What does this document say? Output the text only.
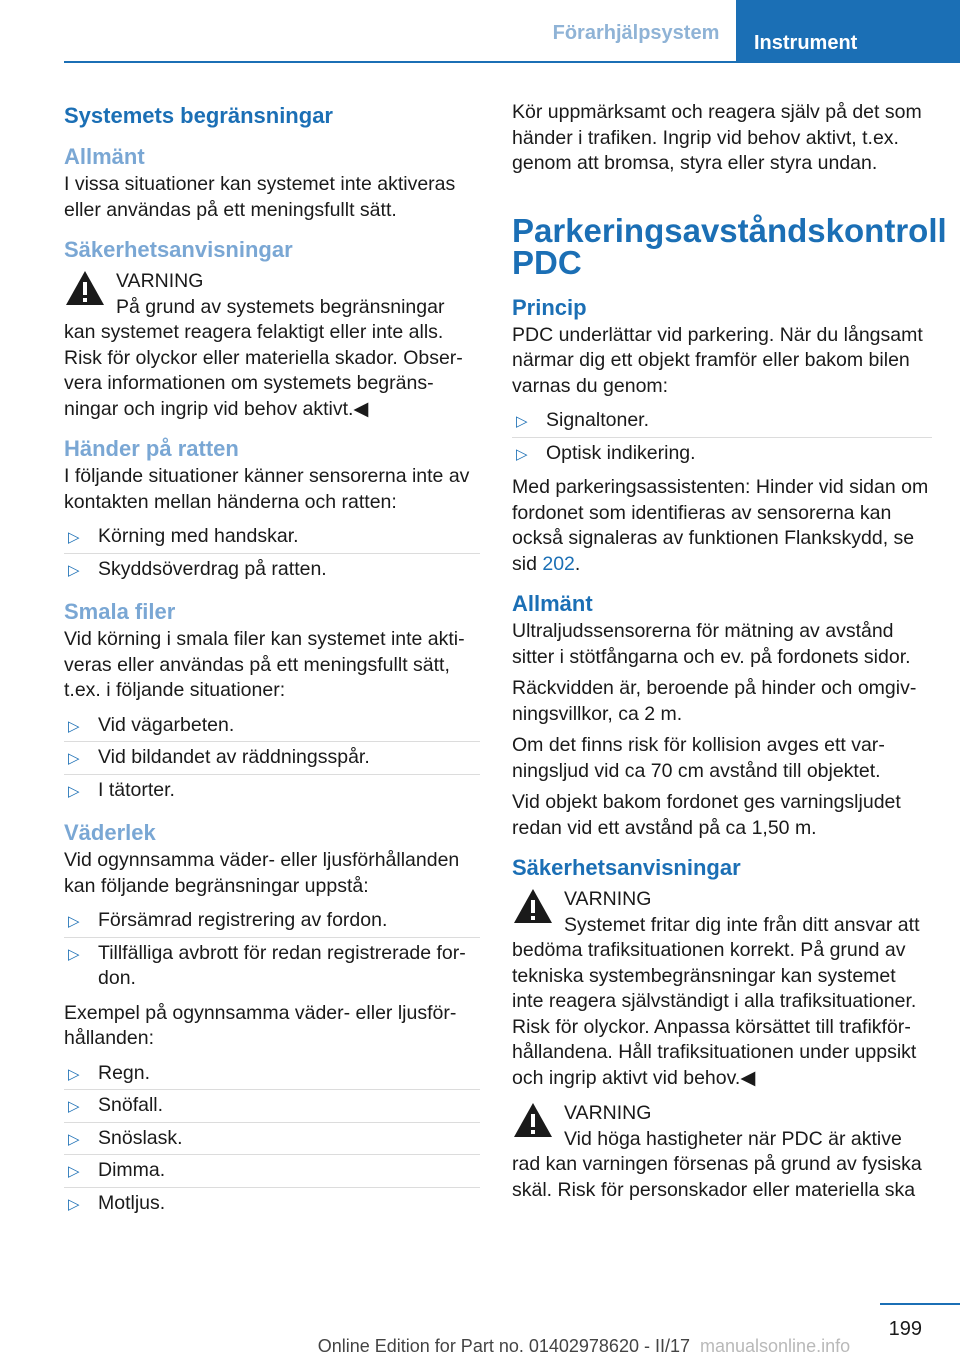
Förarhjälpsystem	Instrument
Systemets begränsningar
Allmänt

I vissa situationer kan systemet inte aktiveras eller användas på ett meningsfullt sätt.

Säkerhetsanvisningar
VARNING
På grund av systemets begränsningar
kan systemet reagera felaktigt eller inte alls. Risk för olyckor eller materiella skador. Observera informationen om systemets begränsningar och ingrip vid behov aktivt.◀
Händer på ratten

I följande situationer känner sensorerna inte av kontakten mellan händerna och ratten:

▷ Körning med handskar.
▷ Skyddsöverdrag på ratten.
Smala filer

Vid körning i smala filer kan systemet inte aktiveras eller användas på ett meningsfullt sätt, t.ex. i följande situationer:

▷ Vid vägarbeten.
▷ Vid bildandet av räddningsspår.
▷ I tätorter.
Väderlek

Vid ogynnsamma väder- eller ljusförhållanden kan följande begränsningar uppstå:

▷ Försämrad registrering av fordon.
▷ Tillfälliga avbrott för redan registrerade fordon.

Exempel på ogynnsamma väder- eller ljusförhållanden:

▷ Regn.
▷ Snöfall.
▷ Snöslask.
▷ Dimma.
▷ Motljus.

Kör uppmärksamt och reagera själv på det som händer i trafiken. Ingrip vid behov aktivt, t.ex. genom att bromsa, styra eller styra undan.

Parkeringsavståndskontroll PDC
Princip

PDC underlättar vid parkering. När du långsamt närmar dig ett objekt framför eller bakom bilen varnas du genom:

▷ Signaltoner.
▷ Optisk indikering.

Med parkeringsassistenten: Hinder vid sidan om fordonet som identifieras av sensorerna kan också signaleras av funktionen Flankskydd, se sid 202.

Allmänt

Ultraljudssensorerna för mätning av avstånd sitter i stötfångarna och ev. på fordonets sidor.

Räckvidden är, beroende på hinder och omgivningsvillkor, ca 2 m.

Om det finns risk för kollision avges ett varningsljud vid ca 70 cm avstånd till objektet.

Vid objekt bakom fordonet ges varningsljudet redan vid ett avstånd på ca 1,50 m.

Säkerhetsanvisningar
VARNING
Systemet fritar dig inte från ditt ansvar att
bedöma trafiksituationen korrekt. På grund av tekniska systembegränsningar kan systemet inte reagera självständigt i alla trafiksituationer. Risk för olyckor. Anpassa körsättet till trafikförhållandena. Håll trafiksituationen under uppsikt och ingrip aktivt vid behov.◀
VARNING
Vid höga hastigheter när PDC är aktive
rad kan varningen försenas på grund av fysiska skäl. Risk för personskador eller materiella ska
199
Online Edition for Part no. 01402978620 - II/17 manualsonline.info
